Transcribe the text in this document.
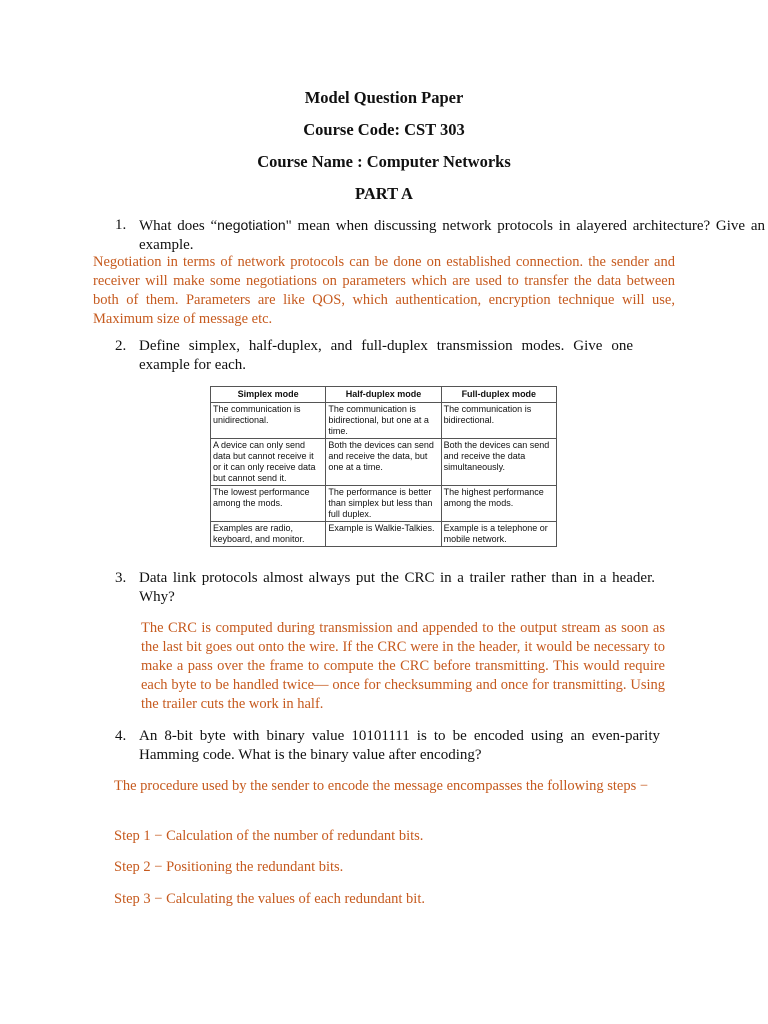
Model Question Paper
Course Code: CST 303
Course Name : Computer Networks
PART A
1. What does “negotiation" mean when discussing network protocols in alayered architecture? Give an example.

Negotiation in terms of network protocols can be done on established connection. the sender and receiver will make some negotiations on parameters which are used to transfer the data between both of them. Parameters are like QOS, which authentication, encryption technique will use, Maximum size of message etc.

2. Define simplex, half-duplex, and full-duplex transmission modes. Give one example for each.
Simplex mode	Half-duplex mode	Full-duplex mode
The communication is unidirectional.	The communication is bidirectional, but one at a time.	The communication is bidirectional.
A device can only send data but cannot receive it or it can only receive data but cannot send it.	Both the devices can send and receive the data, but one at a time.	Both the devices can send and receive the data simultaneously.
The lowest performance among the mods.	The performance is better than simplex but less than full duplex.	The highest performance among the mods.
Examples are radio, keyboard, and monitor.	Example is Walkie-Talkies.	Example is a telephone or mobile network.
3. Data link protocols almost always put the CRC in a trailer rather than in a header. Why?

The CRC is computed during transmission and appended to the output stream as soon as the last bit goes out onto the wire. If the CRC were in the header, it would be necessary to make a pass over the frame to compute the CRC before transmitting. This would require each byte to be handled twice— once for checksumming and once for transmitting. Using the trailer cuts the work in half.

4. An 8-bit byte with binary value 10101111 is to be encoded using an even-parity Hamming code. What is the binary value after encoding?

The procedure used by the sender to encode the message encompasses the following steps −

Step 1 − Calculation of the number of redundant bits.
Step 2 − Positioning the redundant bits.
Step 3 − Calculating the values of each redundant bit.
